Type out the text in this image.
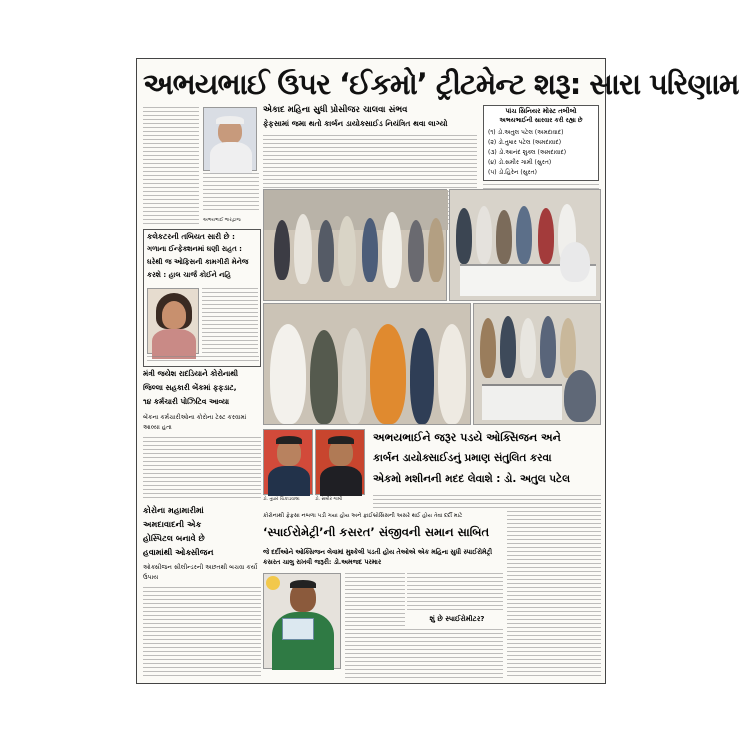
અભયભાઈ ઉપર ‘ઈકમો’ ટ્રીટમેન્ટ શરૂ: સારા પરિણામ
અભયભાઈ ભારદ્વાજ
એકાદ મહિના સુધી પ્રોસીજર ચાલવા સંભવ
ફેફસામાં જમા થતો કાર્બન ડાયોક્સાઈડ નિયંત્રિત થવા લાગ્યો
પાંચ સિનિયર મોસ્ટ તબીબો
અભયભાઈની સારવાર કરી રહ્યા છે
(૧) ડો.અતુલ પટેલ (અમદાવાદ)
(૨) ડો.તુષાર પટેલ (અમદાવાદ)
(૩) ડો.આનંદ શુક્લ (અમદાવાદ)
(૪) ડો.સમીર ગામી (સુરત)
(૫) ડો.હિરેન (સુરત)
કલેકટરની તબિયત સારી છે :
ગળાના ઈન્ફેક્શનમાં ઘણી રાહત :
ઘરેથી જ ઓફિસની કામગીરી મેનેજ
કરશે : હાલ ચાર્જ કોઈને નહિ
મંત્રી જયેશ રાદડિયાને કોરોનાથી
જિલ્લા સહકારી બેંકમાં ફફડાટ,
૧૪ કર્મચારી પોઝિટિવ આવ્યા
બેંકના કર્મચારીઓના કોરોના ટેસ્ટ કરવામાં આવ્યા હતા
ડો. તુષાર ચિકાડવાલા	ડો. સમીર ગામી
અભયભાઈને જરૂર પડયે ઓક્સિજન અને
કાર્બન ડાયોક્સાઈડનું પ્રમાણ સંતુલિત કરવા
એકમો મશીનની મદદ લેવાશે : ડો. અતુલ પટેલ
કોરોના મહામારીમાં
અમદાવાદની એક
હોસ્પિટલ બનાવે છે
હવામાંથી ઓક્સીજન
ઓક્સીજન સીલીન્ડરની અછતથી બચવા કર્યો ઉપાય
કોરોનાથી ફેફસા નબળા પડી ગયા હોય અને ફાઈબ્રોસિસની અસરે થઈ હોય તેવા દર્દી માટે
‘સ્પાઈરોમેટ્રી’ની કસરત’ સંજીવની સમાન સાબિત
જે દર્દીઓને ઓક્સિજન લેવામાં મુશ્કેલી પડતી હોય તેઓએ એક મહિના સુધી સ્પાઈરોમેટ્રી કસરત ચાલુ રાખવી જરૂરી: ડો.અમજદ પરમાર
શું છે સ્પાઈરોમીટર?
